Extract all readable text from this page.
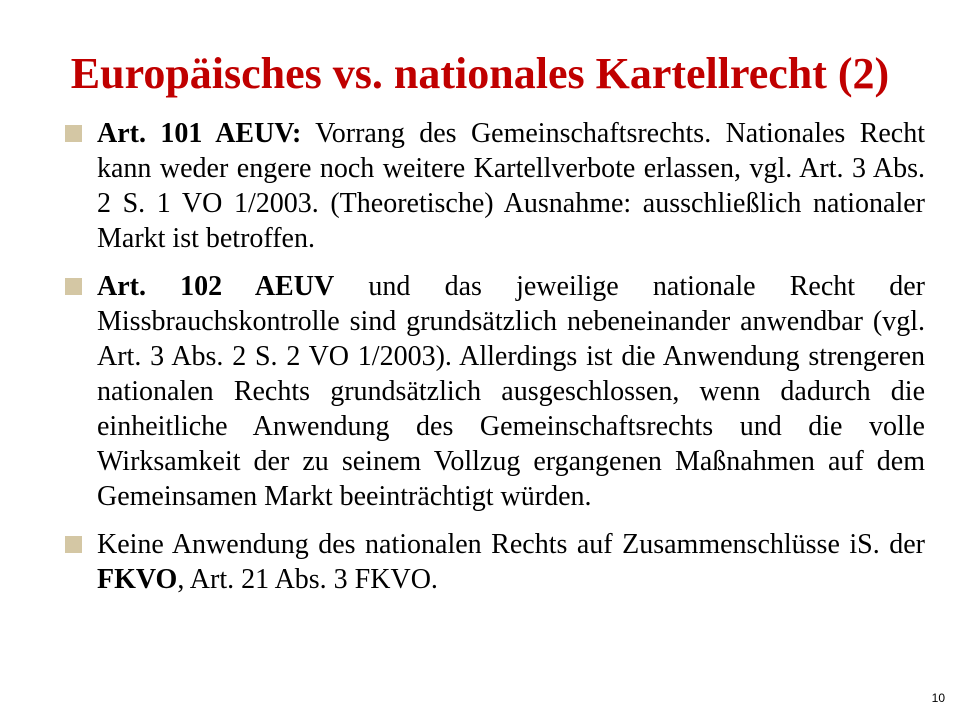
Europäisches vs. nationales Kartellrecht (2)
Art. 101 AEUV: Vorrang des Gemeinschaftsrechts. Nationales Recht kann weder engere noch weitere Kartellverbote erlassen, vgl. Art. 3 Abs. 2 S. 1 VO 1/2003. (Theoretische) Ausnahme: ausschließlich nationaler Markt ist betroffen.
Art. 102 AEUV und das jeweilige nationale Recht der Missbrauchskontrolle sind grundsätzlich nebeneinander anwendbar (vgl. Art. 3 Abs. 2 S. 2 VO 1/2003). Allerdings ist die Anwendung strengeren nationalen Rechts grundsätzlich ausgeschlossen, wenn dadurch die einheitliche Anwendung des Gemeinschaftsrechts und die volle Wirksamkeit der zu seinem Vollzug ergangenen Maßnahmen auf dem Gemeinsamen Markt beeinträchtigt würden.
Keine Anwendung des nationalen Rechts auf Zusammenschlüsse iS. der FKVO, Art. 21 Abs. 3 FKVO.
10
